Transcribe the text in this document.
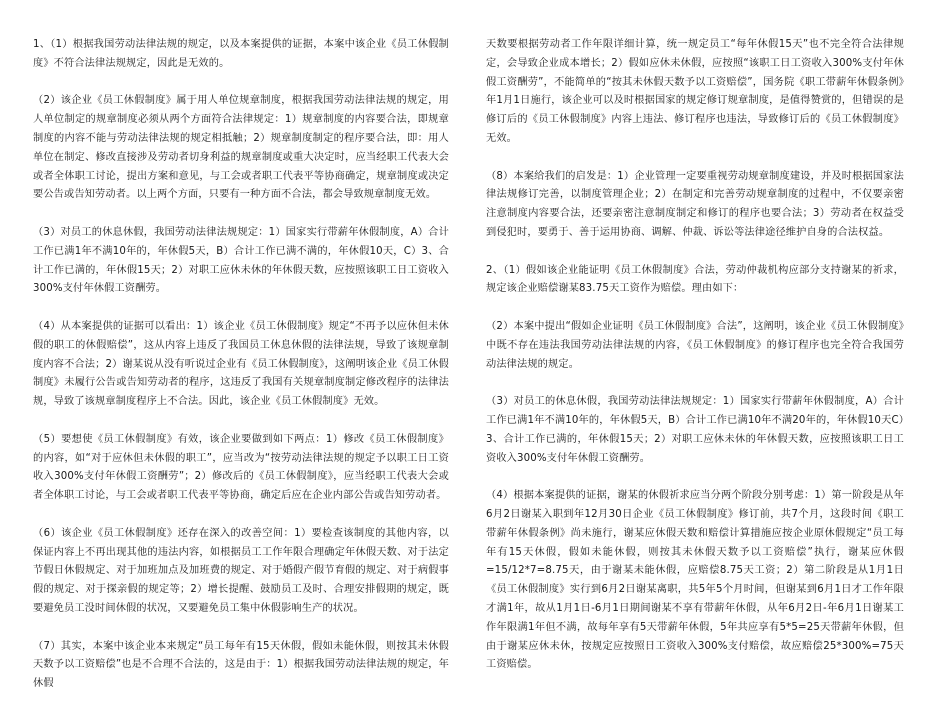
1、（1）根据我国劳动法律法规的规定，以及本案提供的证据，本案中该企业《员工休假制度》不符合法律法规规定，因此是无效的。

（2）该企业《员工休假制度》属于用人单位规章制度，根据我国劳动法律法规的规定，用人单位制定的规章制度必须从两个方面符合法律规定：1）规章制度的内容要合法，即规章制度的内容不能与劳动法律法规的规定相抵触；2）规章制度制定的程序要合法，即：用人单位在制定、修改直接涉及劳动者切身利益的规章制度或重大决定时，应当经职工代表大会或者全体职工讨论，提出方案和意见，与工会或者职工代表平等协商确定，规章制度或决定要公告或告知劳动者。以上两个方面，只要有一种方面不合法，都会导致规章制度无效。

（3）对员工的休息休假，我国劳动法律法规规定：1）国家实行带薪年休假制度，A）合计工作已满1年不满10年的，年休假5天，B）合计工作已满不满的，年休假10天，C）3、合计工作已满的，年休假15天；2）对职工应休未休的年休假天数，应按照该职工日工资收入300%支付年休假工资酬劳。

（4）从本案提供的证据可以看出：1）该企业《员工休假制度》规定“不再予以应休但未休假的职工的休假赔偿”，这从内容上违反了我国员工休息休假的法律法规，导致了该规章制度内容不合法；2）谢某说从没有听说过企业有《员工休假制度》，这阐明该企业《员工休假制度》未履行公告或告知劳动者的程序，这违反了我国有关规章制度制定修改程序的法律法规，导致了该规章制度程序上不合法。因此，该企业《员工休假制度》无效。

（5）要想使《员工休假制度》有效，该企业要做到如下两点：1）修改《员工休假制度》的内容，如“对于应休但未休假的职工”，应当改为“按劳动法律法规的规定予以职工日工资收入300%支付年休假工资酬劳”；2）修改后的《员工休假制度》，应当经职工代表大会或者全体职工讨论，与工会或者职工代表平等协商，确定后应在企业内部公告或告知劳动者。

（6）该企业《员工休假制度》还存在深入的改善空间：1）要检查该制度的其他内容，以保证内容上不再出现其他的违法内容，如根据员工工作年限合理确定年休假天数、对于法定节假日休假规定、对于加班加点及加班费的规定、对于婚假产假节育假的规定、对于病假事假的规定、对于探亲假的规定等；2）增长提醒、鼓励员工及时、合理安排假期的规定，既要避免员工没时间休假的状况，又要避免员工集中休假影响生产的状况。

（7）其实，本案中该企业本来规定“员工每年有15天休假，假如未能休假，则按其未休假天数予以工资赔偿”也是不合理不合法的，这是由于：1）根据我国劳动法律法规的规定，年休假

天数要根据劳动者工作年限详细计算，统一规定员工“每年休假15天”也不完全符合法律规定，会导致企业成本增长；2）假如应休未休假，应按照“该职工日工资收入300%支付年休假工资酬劳”，不能简单的“按其未休假天数予以工资赔偿”，国务院《职工带薪年休假条例》年1月1日施行，该企业可以及时根据国家的规定修订规章制度，是值得赞赏的，但错误的是修订后的《员工休假制度》内容上违法、修订程序也违法，导致修订后的《员工休假制度》无效。

（8）本案给我们的启发是：1）企业管理一定要重视劳动规章制度建设，并及时根据国家法律法规修订完善，以制度管理企业；2）在制定和完善劳动规章制度的过程中，不仅要亲密注意制度内容要合法，还要亲密注意制度制定和修订的程序也要合法；3）劳动者在权益受到侵犯时，要勇于、善于运用协商、调解、仲裁、诉讼等法律途径维护自身的合法权益。

2、（1）假如该企业能证明《员工休假制度》合法，劳动仲裁机构应部分支持谢某的祈求，规定该企业赔偿谢某83.75天工资作为赔偿。理由如下：

（2）本案中提出“假如企业证明《员工休假制度》合法”，这阐明，该企业《员工休假制度》中既不存在违法我国劳动法律法规的内容，《员工休假制度》的修订程序也完全符合我国劳动法律法规的规定。

（3）对员工的休息休假，我国劳动法律法规规定：1）国家实行带薪年休假制度，A）合计工作已满1年不满10年的，年休假5天，B）合计工作已满10年不满20年的，年休假10天C）3、合计工作已满的，年休假15天；2）对职工应休未休的年休假天数，应按照该职工日工资收入300%支付年休假工资酬劳。

（4）根据本案提供的证据，谢某的休假祈求应当分两个阶段分别考虑：1）第一阶段是从年6月2日谢某入职到年12月30日企业《员工休假制度》修订前，共7个月，这段时间《职工带薪年休假条例》尚未施行，谢某应休假天数和赔偿计算措施应按企业原休假规定“员工每年有15天休假，假如未能休假，则按其未休假天数予以工资赔偿”执行，谢某应休假=15/12*7=8.75天，由于谢某未能休假，应赔偿8.75天工资；2）第二阶段是从1月1日《员工休假制度》实行到6月2日谢某离职，共5年5个月时间，但谢某到6月1日才工作年限才满1年，故从1月1日-6月1日期间谢某不享有带薪年休假，从年6月2日-年6月1日谢某工作年限满1年但不满，故每年享有5天带薪年休假，5年共应享有5*5=25天带薪年休假，但由于谢某应休未休，按规定应按照日工资收入300%支付赔偿，故应赔偿25*300%=75天工资赔偿。
